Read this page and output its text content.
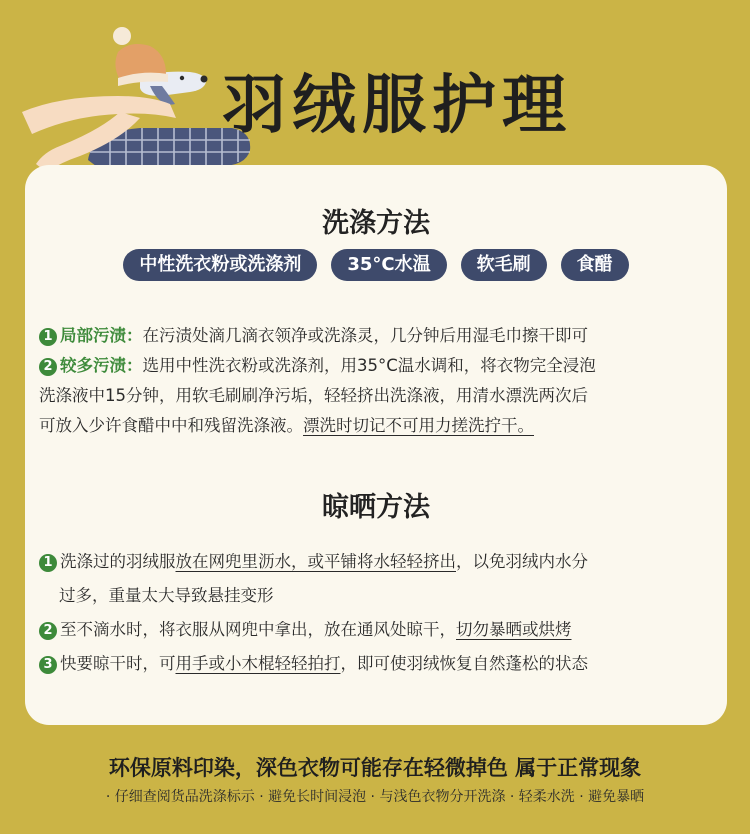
羽绒服护理
洗涤方法
中性洗衣粉或洗涤剂	35°C水温	软毛刷	食醋
1 局部污渍：在污渍处滴几滴衣领净或洗涤灵，几分钟后用湿毛巾擦干即可
2 较多污渍：选用中性洗衣粉或洗涤剂，用35°C温水调和，将衣物完全浸泡
洗涤液中15分钟，用软毛刷刷净污垢，轻轻挤出洗涤液，用清水漂洗两次后
可放入少许食醋中中和残留洗涤液。漂洗时切记不可用力搓洗拧干。
晾晒方法
1 洗涤过的羽绒服放在网兜里沥水，或平铺将水轻轻挤出，以免羽绒内水分
过多，重量太大导致悬挂变形
2 至不滴水时，将衣服从网兜中拿出，放在通风处晾干，切勿暴晒或烘烤
3 快要晾干时，可用手或小木棍轻轻拍打，即可使羽绒恢复自然蓬松的状态
环保原料印染，深色衣物可能存在轻微掉色 属于正常现象
· 仔细查阅货品洗涤标示 · 避免长时间浸泡 · 与浅色衣物分开洗涤 · 轻柔水洗 · 避免暴晒
